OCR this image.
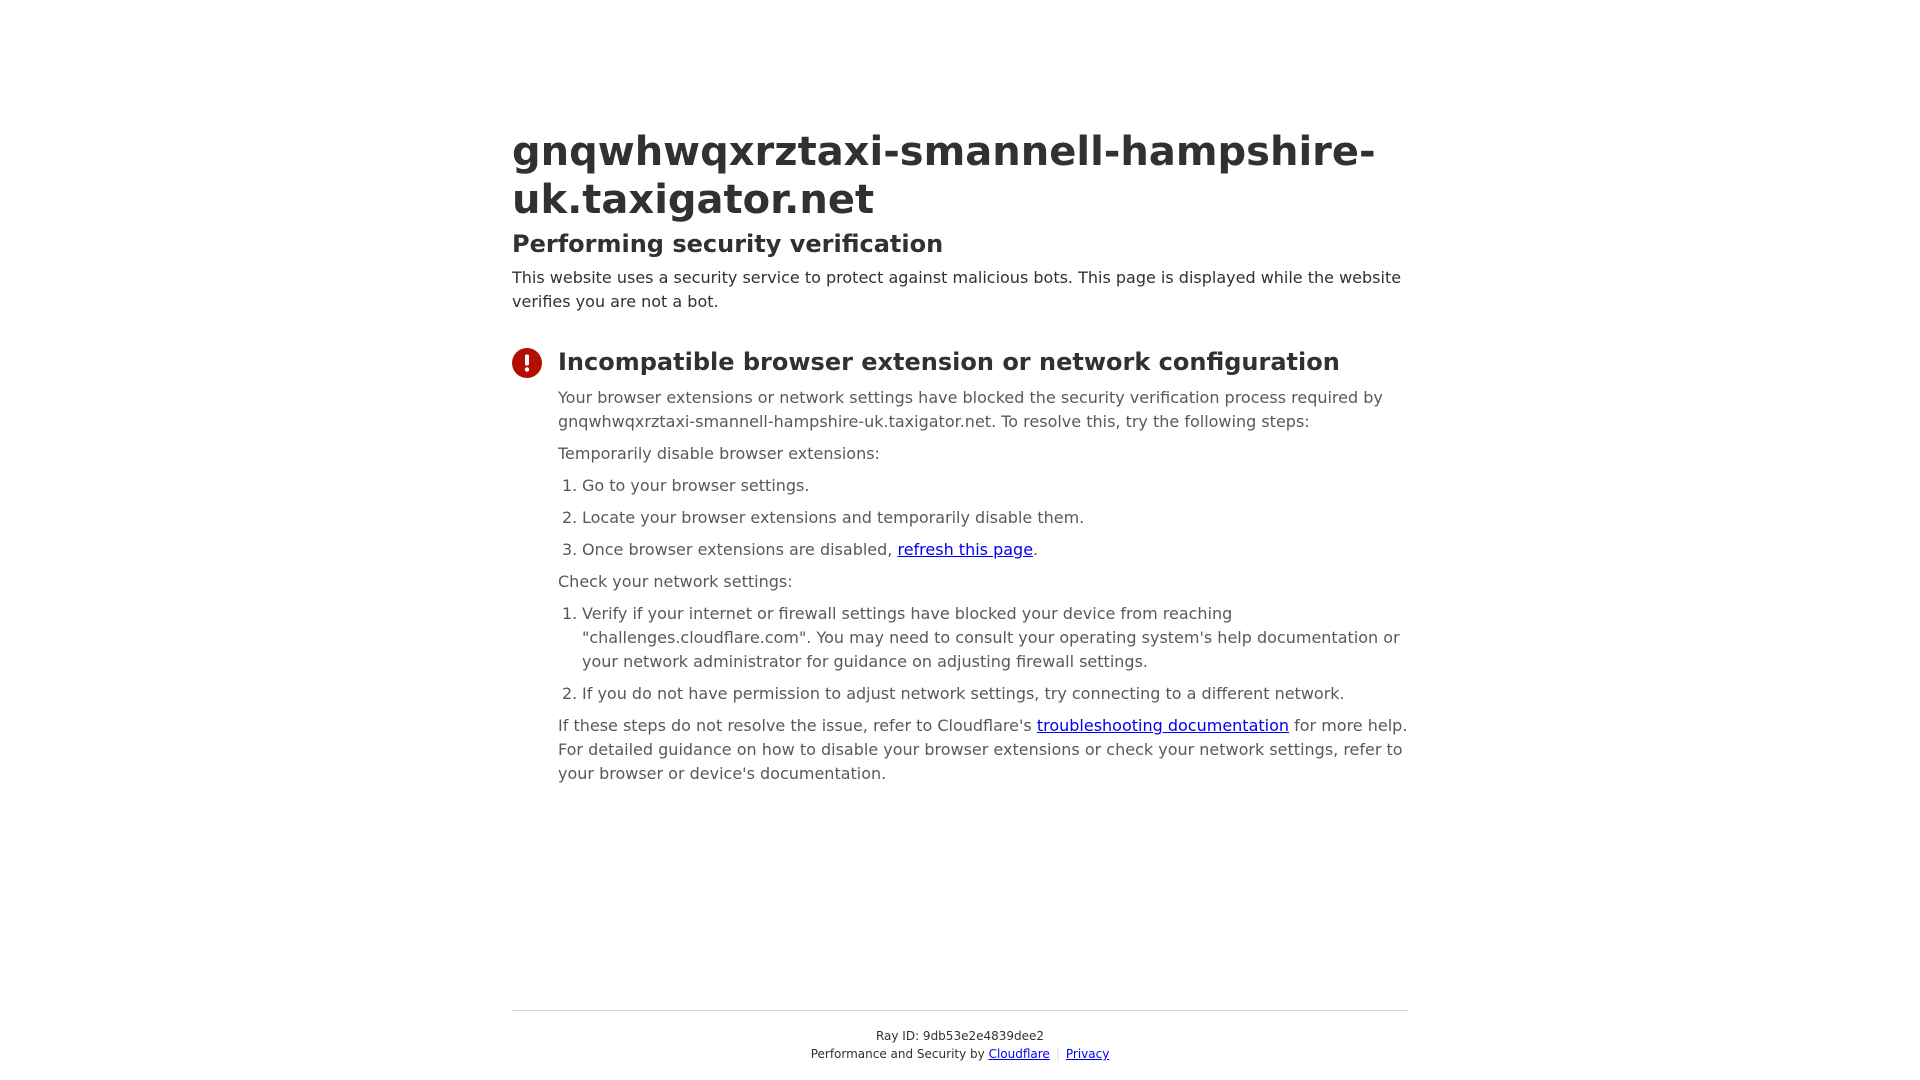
gnqwhwqxrztaxi-smannell-hampshire-uk.taxigator.net
Performing security verification

This website uses a security service to protect against malicious bots. This page is displayed while the website verifies you are not a bot.

Incompatible browser extension or network configuration

Your browser extensions or network settings have blocked the security verification process required by gnqwhwqxrztaxi-smannell-hampshire-uk.taxigator.net. To resolve this, try the following steps:

Temporarily disable browser extensions:

1. Go to your browser settings.
2. Locate your browser extensions and temporarily disable them.
3. Once browser extensions are disabled, refresh this page.

Check your network settings:

1. Verify if your internet or firewall settings have blocked your device from reaching "challenges.cloudflare.com". You may need to consult your operating system's help documentation or your network administrator for guidance on adjusting firewall settings.
2. If you do not have permission to adjust network settings, try connecting to a different network.

If these steps do not resolve the issue, refer to Cloudflare's troubleshooting documentation for more help. For detailed guidance on how to disable your browser extensions or check your network settings, refer to your browser or device's documentation.

Ray ID: 9db53e2e4839dee2
Performance and Security by Cloudflare | Privacy
